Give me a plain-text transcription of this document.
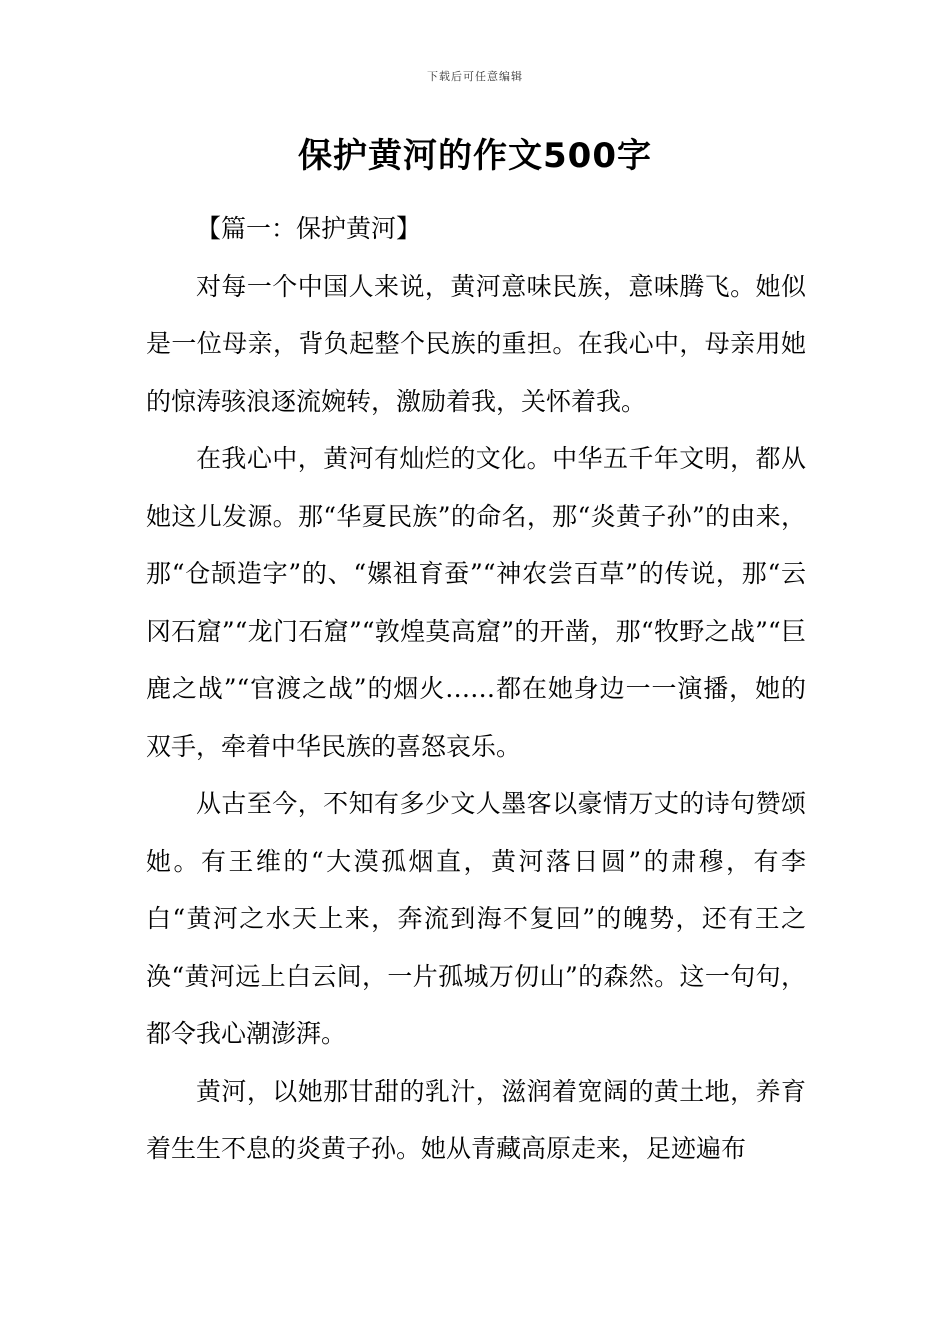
下载后可任意编辑
保护黄河的作文500字

【篇一：保护黄河】

对每一个中国人来说，黄河意味民族，意味腾飞。她似是一位母亲，背负起整个民族的重担。在我心中，母亲用她的惊涛骇浪逐流婉转，激励着我，关怀着我。

在我心中，黄河有灿烂的文化。中华五千年文明，都从她这儿发源。那“华夏民族”的命名，那“炎黄子孙”的由来，那“仓颉造字”的、“嫘祖育蚕”“神农尝百草”的传说，那“云冈石窟”“龙门石窟”“敦煌莫高窟”的开凿，那“牧野之战”“巨鹿之战”“官渡之战”的烟火……都在她身边一一演播，她的双手，牵着中华民族的喜怒哀乐。

从古至今，不知有多少文人墨客以豪情万丈的诗句赞颂她。有王维的“大漠孤烟直，黄河落日圆”的肃穆，有李白“黄河之水天上来，奔流到海不复回”的魄势，还有王之涣“黄河远上白云间，一片孤城万仞山”的森然。这一句句，都令我心潮澎湃。

黄河，以她那甘甜的乳汁，滋润着宽阔的黄土地，养育着生生不息的炎黄子孙。她从青藏高原走来，足迹遍布
